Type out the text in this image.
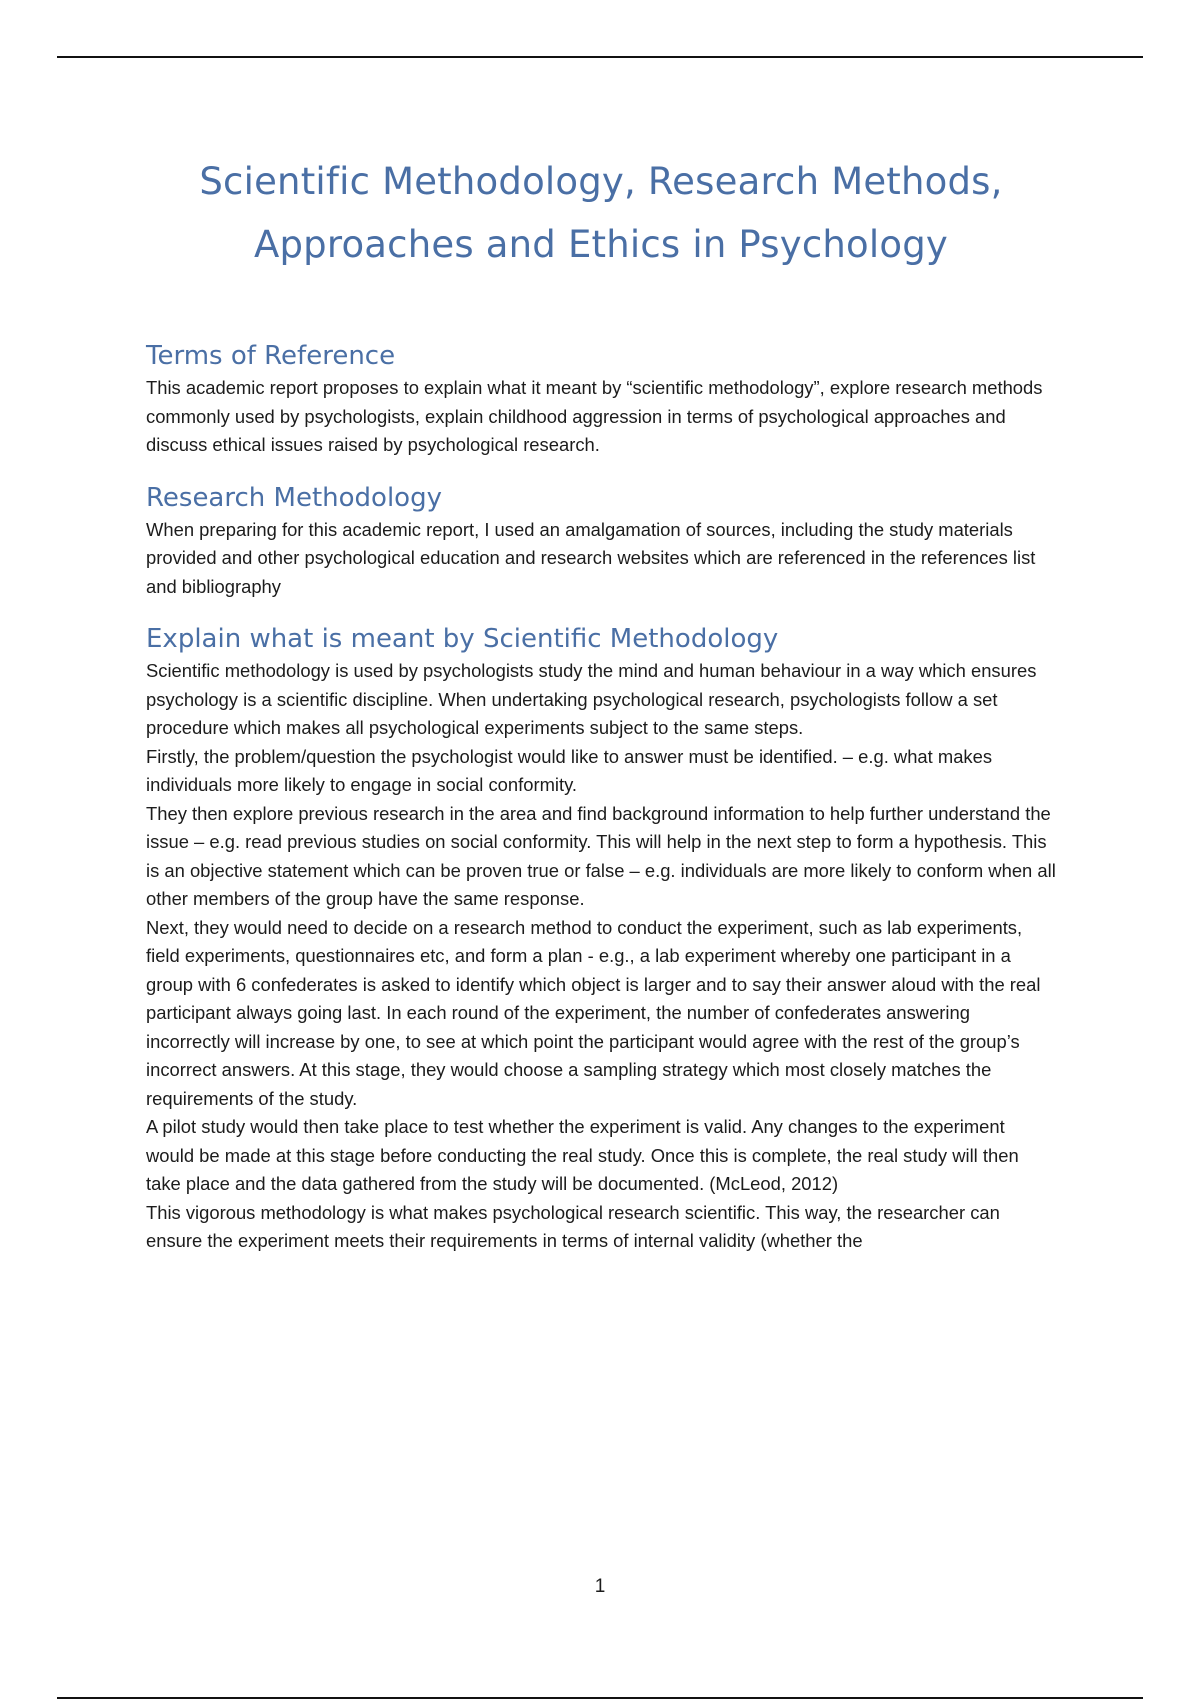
Scientific Methodology, Research Methods,
Approaches and Ethics in Psychology
Terms of Reference

This academic report proposes to explain what it meant by “scientific methodology”, explore research methods commonly used by psychologists, explain childhood aggression in terms of psychological approaches and discuss ethical issues raised by psychological research.

Research Methodology

When preparing for this academic report, I used an amalgamation of sources, including the study materials provided and other psychological education and research websites which are referenced in the references list and bibliography

Explain what is meant by Scientific Methodology

Scientific methodology is used by psychologists study the mind and human behaviour in a way which ensures psychology is a scientific discipline. When undertaking psychological research, psychologists follow a set procedure which makes all psychological experiments subject to the same steps.

Firstly, the problem/question the psychologist would like to answer must be identified. – e.g. what makes individuals more likely to engage in social conformity.

They then explore previous research in the area and find background information to help further understand the issue – e.g. read previous studies on social conformity. This will help in the next step to form a hypothesis. This is an objective statement which can be proven true or false – e.g. individuals are more likely to conform when all other members of the group have the same response.

Next, they would need to decide on a research method to conduct the experiment, such as lab experiments, field experiments, questionnaires etc, and form a plan - e.g., a lab experiment whereby one participant in a group with 6 confederates is asked to identify which object is larger and to say their answer aloud with the real participant always going last. In each round of the experiment, the number of confederates answering incorrectly will increase by one, to see at which point the participant would agree with the rest of the group’s incorrect answers. At this stage, they would choose a sampling strategy which most closely matches the requirements of the study.

A pilot study would then take place to test whether the experiment is valid. Any changes to the experiment would be made at this stage before conducting the real study. Once this is complete, the real study will then take place and the data gathered from the study will be documented. (McLeod, 2012)

This vigorous methodology is what makes psychological research scientific. This way, the researcher can ensure the experiment meets their requirements in terms of internal validity (whether the

1
